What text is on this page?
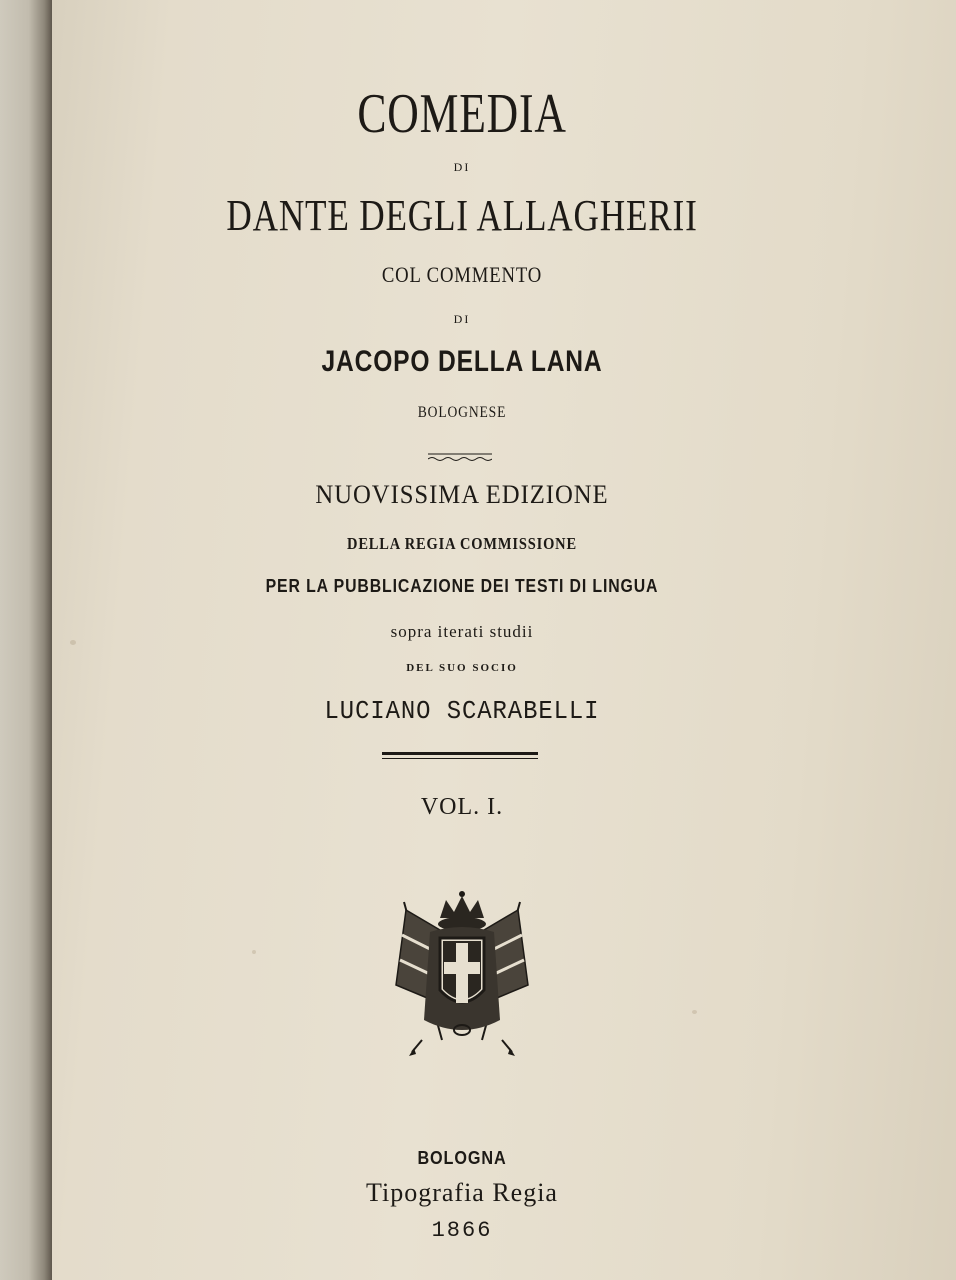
COMEDIA
DI
DANTE DEGLI ALLAGHERII
COL COMMENTO
DI
JACOPO DELLA LANA
BOLOGNESE
NUOVISSIMA EDIZIONE
DELLA REGIA COMMISSIONE
PER LA PUBBLICAZIONE DEI TESTI DI LINGUA
sopra iterati studii
DEL SUO SOCIO
LUCIANO SCARABELLI
VOL. I.
BOLOGNA
Tipografia Regia
1866
